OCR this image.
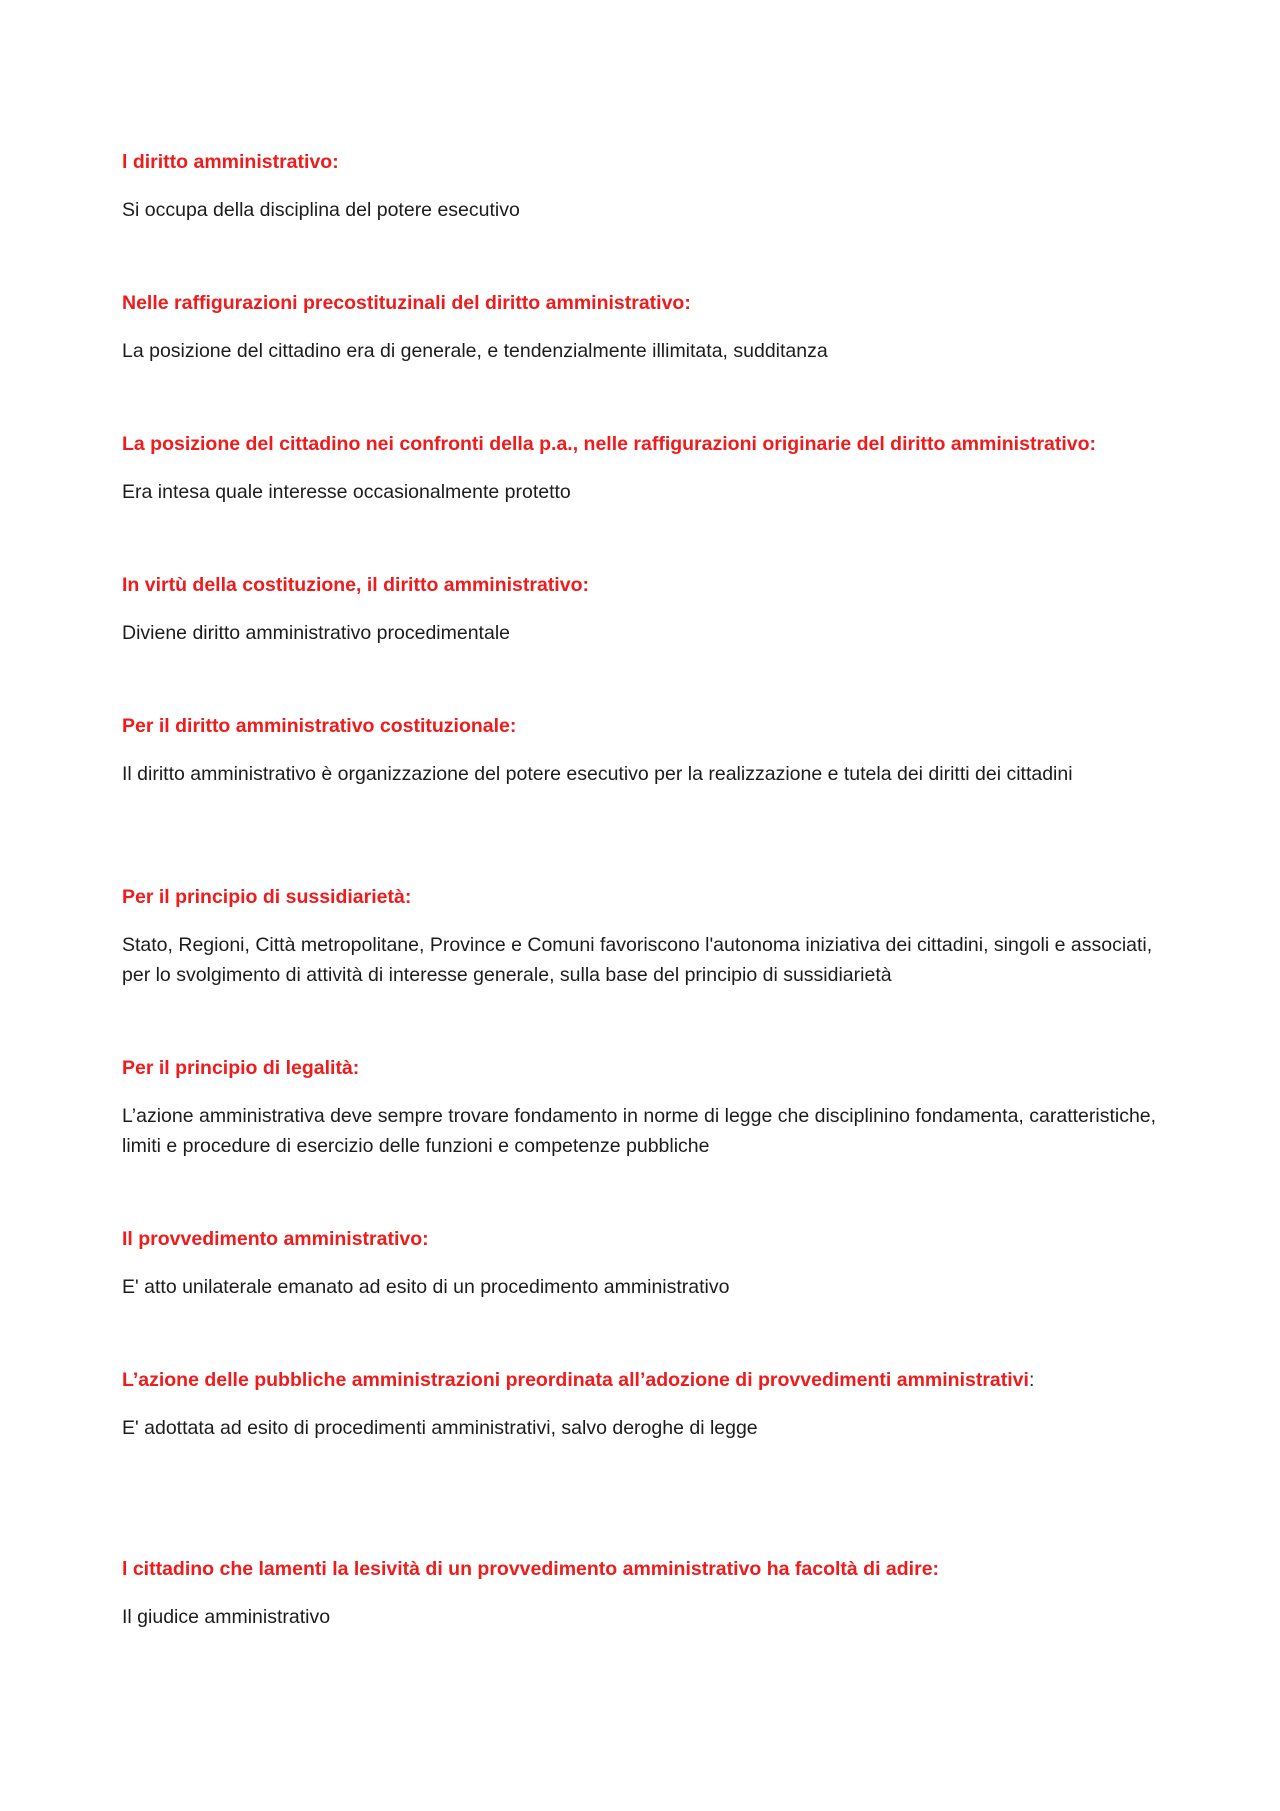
l diritto amministrativo:

Si occupa della disciplina del potere esecutivo

Nelle raffigurazioni precostituzinali del diritto amministrativo:

La posizione del cittadino era di generale, e tendenzialmente illimitata, sudditanza

La posizione del cittadino nei confronti della p.a., nelle raffigurazioni originarie del diritto amministrativo:

Era intesa quale interesse occasionalmente protetto

In virtù della costituzione, il diritto amministrativo:

Diviene diritto amministrativo procedimentale

Per il diritto amministrativo costituzionale:

Il diritto amministrativo è organizzazione del potere esecutivo per la realizzazione e tutela dei diritti dei cittadini

Per il principio di sussidiarietà:

Stato, Regioni, Città metropolitane, Province e Comuni favoriscono l'autonoma iniziativa dei cittadini, singoli e associati, per lo svolgimento di attività di interesse generale, sulla base del principio di sussidiarietà

Per il principio di legalità:

L’azione amministrativa deve sempre trovare fondamento in norme di legge che disciplinino fondamenta, caratteristiche, limiti e procedure di esercizio delle funzioni e competenze pubbliche

Il provvedimento amministrativo:

E' atto unilaterale emanato ad esito di un procedimento amministrativo

L’azione delle pubbliche amministrazioni preordinata all’adozione di provvedimenti amministrativi:

E' adottata ad esito di procedimenti amministrativi, salvo deroghe di legge

l cittadino che lamenti la lesività di un provvedimento amministrativo ha facoltà di adire:

Il giudice amministrativo
